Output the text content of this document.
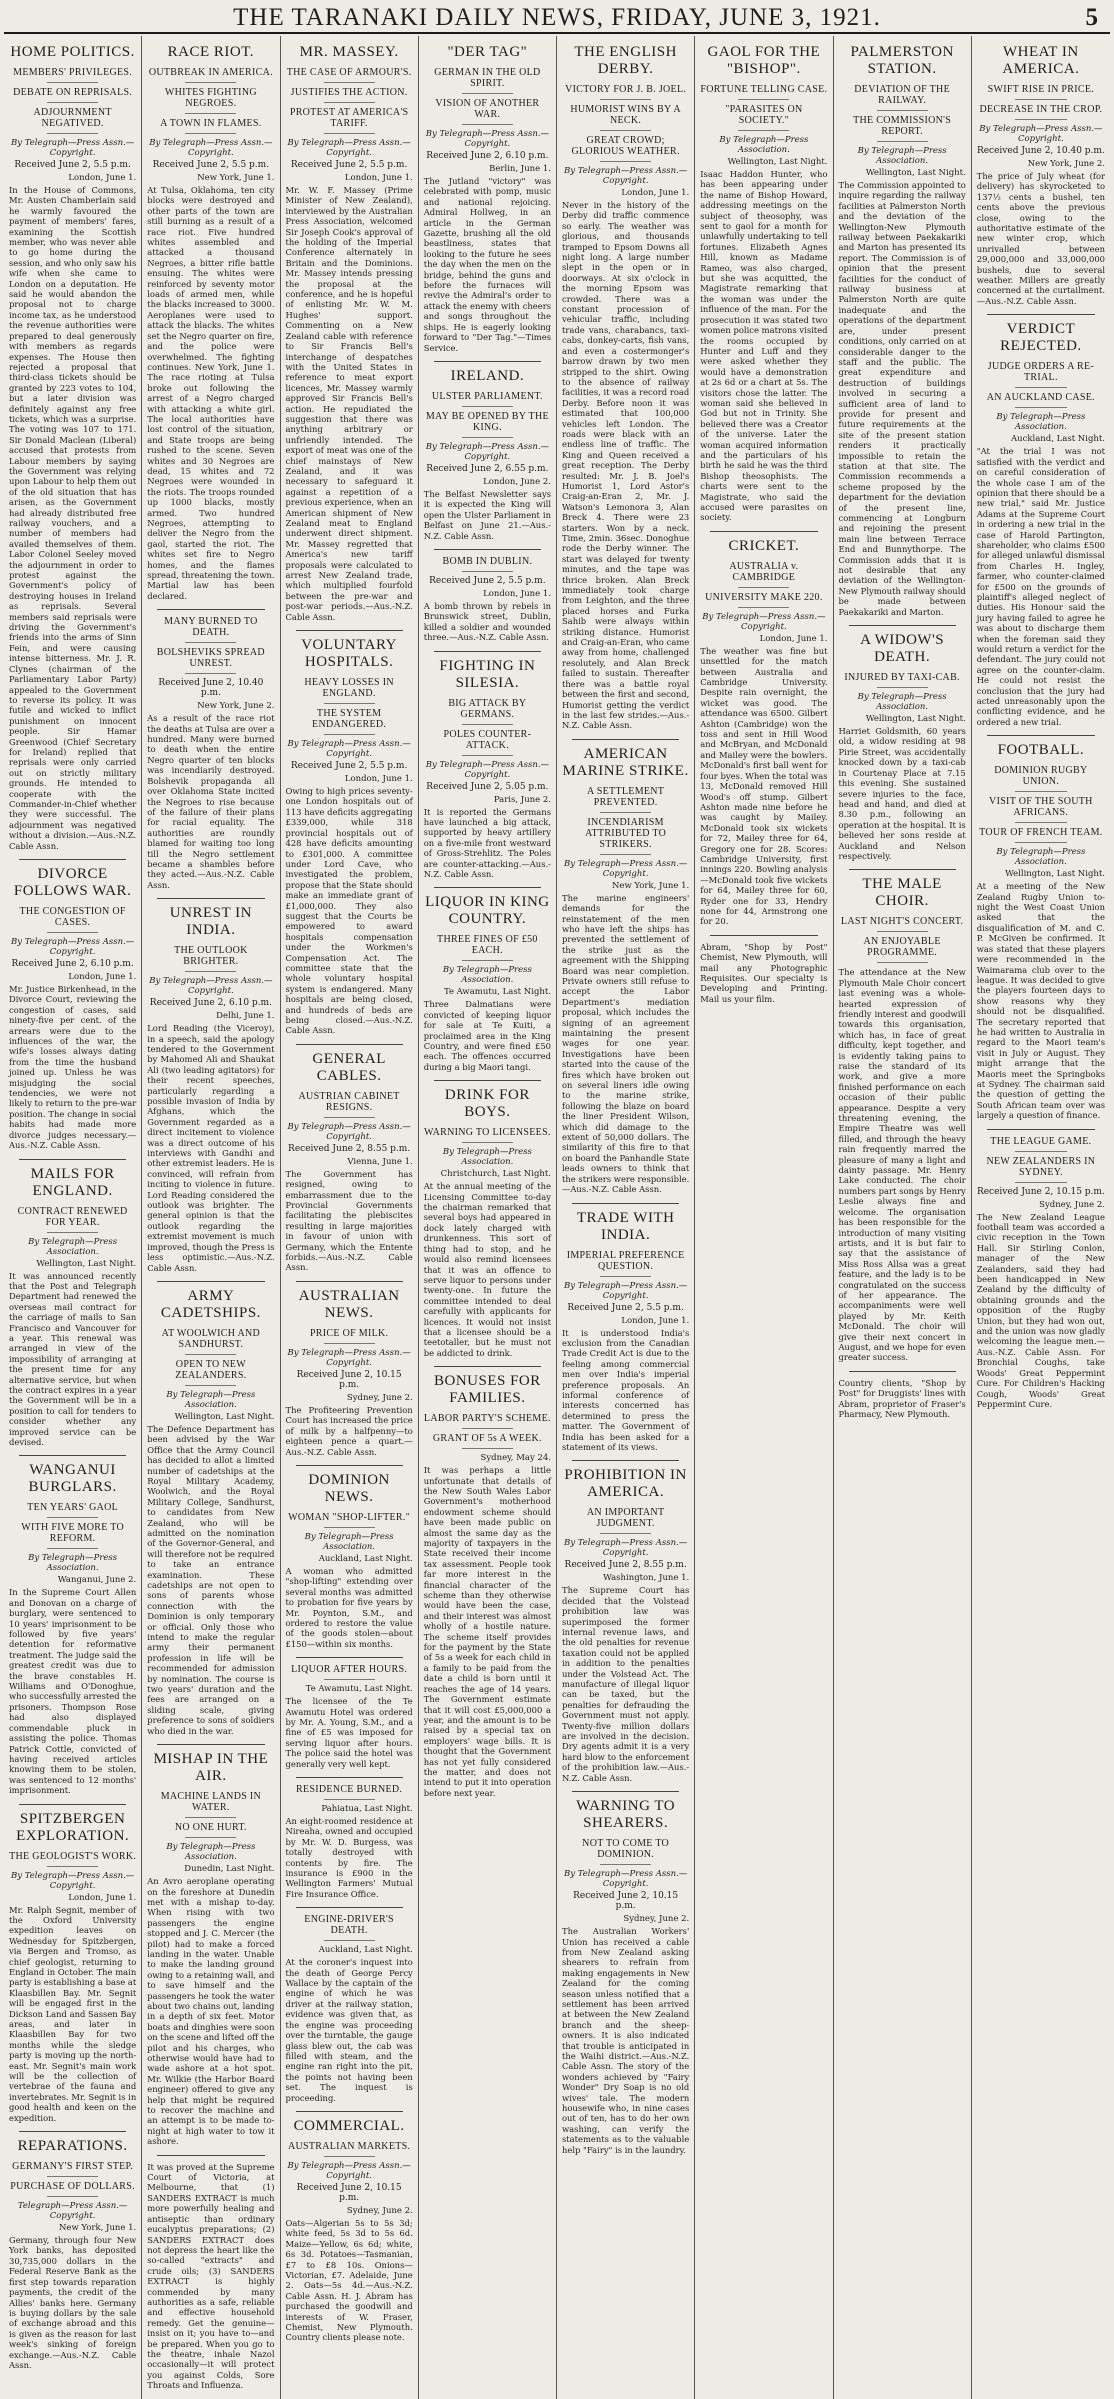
THE TARANAKI DAILY NEWS, FRIDAY, JUNE 3, 1921.	5
HOME POLITICS.
MEMBERS' PRIVILEGES.
DEBATE ON REPRISALS.
ADJOURNMENT NEGATIVED.
By Telegraph—Press Assn.—Copyright.
Received June 2, 5.5 p.m.
London, June 1.

In the House of Commons, Mr. Austen Chamberlain said he warmly favoured the payment of members' fares, examining the Scottish member, who was never able to go home during the session, and who only saw his wife when she came to London on a deputation. He said he would abandon the proposal not to charge income tax, as he understood the revenue authorities were prepared to deal generously with members as regards expenses. The House then rejected a proposal that third-class tickets should be granted by 223 votes to 104, but a later division was definitely against any free tickets, which was a surprise. The voting was 107 to 171. Sir Donald Maclean (Liberal) accused that protests from Labour members by saying the Government was relying upon Labour to help them out of the old situation that has arisen, as the Government had already distributed free railway vouchers, and a number of members had availed themselves of them. Labor Colonel Seeley moved the adjournment in order to protest against the Government's policy of destroying houses in Ireland as reprisals. Several members said reprisals were driving the Government's friends into the arms of Sinn Fein, and were causing intense bitterness. Mr. J. R. Clynes (chairman of the Parliamentary Labor Party) appealed to the Government to reverse its policy. It was futile and wicked to inflict punishment on innocent people. Sir Hamar Greenwood (Chief Secretary for Ireland) replied that reprisals were only carried out on strictly military grounds. He intended to cooperate with the Commander-in-Chief whether they were successful. The adjournment was negatived without a division.—Aus.-N.Z. Cable Assn.

DIVORCE FOLLOWS WAR.
THE CONGESTION OF CASES.
By Telegraph—Press Assn.—Copyright.
Received June 2, 6.10 p.m.
London, June 1.

Mr. Justice Birkenhead, in the Divorce Court, reviewing the congestion of cases, said ninety-five per cent. of the arrears were due to the influences of the war, the wife's losses always dating from the time the husband joined up. Unless he was misjudging the social tendencies, we were not likely to return to the pre-war position. The change in social habits had made more divorce judges necessary.—Aus.-N.Z. Cable Assn.

MAILS FOR ENGLAND.
CONTRACT RENEWED FOR YEAR.
By Telegraph—Press Association.
Wellington, Last Night.

It was announced recently that the Post and Telegraph Department had renewed the overseas mail contract for the carriage of mails to San Francisco and Vancouver for a year. This renewal was arranged in view of the impossibility of arranging at the present time for any alternative service, but when the contract expires in a year the Government will be in a position to call for tenders to consider whether any improved service can be devised.

WANGANUI BURGLARS.
TEN YEARS' GAOL
WITH FIVE MORE TO REFORM.
By Telegraph—Press Association.
Wanganui, June 2.

In the Supreme Court Allen and Donovan on a charge of burglary, were sentenced to 10 years' imprisonment to be followed by five years' detention for reformative treatment. The judge said the greatest credit was due to the brave constables H. Williams and O'Donoghue, who successfully arrested the prisoners. Thompson Rose had also displayed commendable pluck in assisting the police. Thomas Patrick Cottle, convicted of having received articles knowing them to be stolen, was sentenced to 12 months' imprisonment.

SPITZBERGEN EXPLORATION.
THE GEOLOGIST'S WORK.
By Telegraph—Press Assn.—Copyright.
London, June 1.

Mr. Ralph Segnit, member of the Oxford University expedition leaves on Wednesday for Spitzbergen, via Bergen and Tromso, as chief geologist, returning to England in October. The main party is establishing a base at Klaasbillen Bay. Mr. Segnit will be engaged first in the Dickson Land and Sassen Bay areas, and later in Klaasbillen Bay for two months while the sledge party is moving up the north-east. Mr. Segnit's main work will be the collection of vertebrae of the fauna and invertebrates. Mr. Segnit is in good health and keen on the expedition.

REPARATIONS.
GERMANY'S FIRST STEP.
PURCHASE OF DOLLARS.
Telegraph—Press Assn.—Copyright.
New York, June 1.

Germany, through four New York banks, has deposited 30,735,000 dollars in the Federal Reserve Bank as the first step towards reparation payments, the credit of the Allies' banks here. Germany is buying dollars by the sale of exchange abroad and this is given as the reason for last week's sinking of foreign exchange.—Aus.-N.Z. Cable Assn.

RACE RIOT.
OUTBREAK IN AMERICA.
WHITES FIGHTING NEGROES.
A TOWN IN FLAMES.
By Telegraph—Press Assn.—Copyright.
Received June 2, 5.5 p.m.
New York, June 1.

At Tulsa, Oklahoma, ten city blocks were destroyed and other parts of the town are still burning as a result of a race riot. Five hundred whites assembled and attacked a thousand Negroes, a bitter rifle battle ensuing. The whites were reinforced by seventy motor loads of armed men, while the blacks increased to 3000. Aeroplanes were used to attack the blacks. The whites set the Negro quarter on fire, and the police were overwhelmed. The fighting continues. New York, June 1. The race rioting at Tulsa broke out following the arrest of a Negro charged with attacking a white girl. The local authorities have lost control of the situation, and State troops are being rushed to the scene. Seven whites and 30 Negroes are dead, 15 whites and 72 Negroes were wounded in the riots. The troops rounded up 1000 blacks, mostly armed. Two hundred Negroes, attempting to deliver the Negro from the gaol, started the riot. The whites set fire to Negro homes, and the flames spread, threatening the town. Martial law has been declared.

MANY BURNED TO DEATH.
BOLSHEVIKS SPREAD UNREST.
Received June 2, 10.40 p.m.
New York, June 2.

As a result of the race riot the deaths at Tulsa are over a hundred. Many were burned to death when the entire Negro quarter of ten blocks was incendiarily destroyed. Bolshevik propaganda all over Oklahoma State incited the Negroes to rise because of the failure of their plans for racial equality. The authorities are roundly blamed for waiting too long till the Negro settlement became a shambles before they acted.—Aus.-N.Z. Cable Assn.

UNREST IN INDIA.
THE OUTLOOK BRIGHTER.
By Telegraph—Press Assn.—Copyright.
Received June 2, 6.10 p.m.
Delhi, June 1.

Lord Reading (the Viceroy), in a speech, said the apology tendered to the Government by Mahomed Ali and Shaukat Ali (two leading agitators) for their recent speeches, particularly regarding a possible invasion of India by Afghans, which the Government regarded as a direct incitement to violence was a direct outcome of his interviews with Gandhi and other extremist leaders. He is convinced, will refrain from inciting to violence in future. Lord Reading considered the outlook was brighter. The general opinion is that the outlook regarding the extremist movement is much improved, though the Press is less optimistic.—Aus.-N.Z. Cable Assn.

ARMY CADETSHIPS.
AT WOOLWICH AND SANDHURST.
OPEN TO NEW ZEALANDERS.
By Telegraph—Press Association.
Wellington, Last Night.

The Defence Department has been advised by the War Office that the Army Council has decided to allot a limited number of cadetships at the Royal Military Academy, Woolwich, and the Royal Military College, Sandhurst, to candidates from New Zealand, who will be admitted on the nomination of the Governor-General, and will therefore not be required to take an entrance examination. These cadetships are not open to sons of parents whose connection with the Dominion is only temporary or official. Only those who intend to make the regular army their permanent profession in life will be recommended for admission by nomination. The course is two years' duration and the fees are arranged on a sliding scale, giving preference to sons of soldiers who died in the war.

MISHAP IN THE AIR.
MACHINE LANDS IN WATER.
NO ONE HURT.
By Telegraph—Press Association.
Dunedin, Last Night.

An Avro aeroplane operating on the foreshore at Dunedin met with a mishap to-day. When rising with two passengers the engine stopped and J. C. Mercer (the pilot) had to make a forced landing in the water. Unable to make the landing ground owing to a retaining wall, and to save himself and the passengers he took the water about two chains out, landing in a depth of six feet. Motor boats and dinghies were soon on the scene and lifted off the pilot and his charges, who otherwise would have had to wade ashore at a hot spot. Mr. Wilkie (the Harbor Board engineer) offered to give any help that might be required to recover the machine and an attempt is to be made to-night at high water to tow it ashore.

It was proved at the Supreme Court of Victoria, at Melbourne, that (1) SANDERS EXTRACT is much more powerfully healing and antiseptic than ordinary eucalyptus preparations; (2) SANDERS EXTRACT does not depress the heart like the so-called "extracts" and crude oils; (3) SANDERS EXTRACT is highly commended by many authorities as a safe, reliable and effective household remedy. Get the genuine—insist on it; you have to—and be prepared. When you go to the theatre, inhale Nazol occasionally—it will protect you against Colds, Sore Throats and Influenza.

MR. MASSEY.
THE CASE OF ARMOUR'S.
JUSTIFIES THE ACTION.
PROTEST AT AMERICA'S TARIFF.
By Telegraph—Press Assn.—Copyright.
Received June 2, 5.5 p.m.
London, June 1.

Mr. W. F. Massey (Prime Minister of New Zealand), interviewed by the Australian Press Association, welcomed Sir Joseph Cook's approval of the holding of the Imperial Conference alternately in Britain and the Dominions. Mr. Massey intends pressing the proposal at the conference, and he is hopeful of enlisting Mr. W. M. Hughes' support. Commenting on a New Zealand cable with reference to Sir Francis Bell's interchange of despatches with the United States in reference to meat export licences, Mr. Massey warmly approved Sir Francis Bell's action. He repudiated the suggestion that there was anything arbitrary or unfriendly intended. The export of meat was one of the chief mainstays of New Zealand, and it was necessary to safeguard it against a repetition of a previous experience, when an American shipment of New Zealand meat to England underwent direct shipment. Mr. Massey regretted that America's new tariff proposals were calculated to arrest New Zealand trade, which multiplied fourfold between the pre-war and post-war periods.—Aus.-N.Z. Cable Assn.

VOLUNTARY HOSPITALS.
HEAVY LOSSES IN ENGLAND.
THE SYSTEM ENDANGERED.
By Telegraph—Press Assn.—Copyright.
Received June 2, 5.5 p.m.
London, June 1.

Owing to high prices seventy-one London hospitals out of 113 have deficits aggregating £339,000, while 318 provincial hospitals out of 428 have deficits amounting to £301,000. A committee under Lord Cave, who investigated the problem, propose that the State should make an immediate grant of £1,000,000. They also suggest that the Courts be empowered to award hospitals compensation under the Workmen's Compensation Act. The committee state that the whole voluntary hospital system is endangered. Many hospitals are being closed, and hundreds of beds are being closed.—Aus.-N.Z. Cable Assn.

GENERAL CABLES.
AUSTRIAN CABINET RESIGNS.
By Telegraph—Press Assn.—Copyright.
Received June 2, 8.55 p.m.
Vienna, June 1.

The Government has resigned, owing to embarrassment due to the Provincial Governments facilitating the plebiscites resulting in large majorities in favour of union with Germany, which the Entente forbids.—Aus.-N.Z. Cable Assn.

AUSTRALIAN NEWS.
PRICE OF MILK.
By Telegraph—Press Assn.—Copyright.
Received June 2, 10.15 p.m.
Sydney, June 2.

The Profiteering Prevention Court has increased the price of milk by a halfpenny—to eighteen pence a quart.—Aus.-N.Z. Cable Assn.

DOMINION NEWS.
WOMAN "SHOP-LIFTER."
By Telegraph—Press Association.
Auckland, Last Night.

A woman who admitted "shop-lifting" extending over several months was admitted to probation for five years by Mr. Poynton, S.M., and ordered to restore the value of the goods stolen—about £150—within six months.

LIQUOR AFTER HOURS.
Te Awamutu, Last Night.

The licensee of the Te Awamutu Hotel was ordered by Mr. A. Young, S.M., and a fine of £5 was imposed for serving liquor after hours. The police said the hotel was generally very well kept.

RESIDENCE BURNED.
Pahiatua, Last Night.

An eight-roomed residence at Nireaha, owned and occupied by Mr. W. D. Burgess, was totally destroyed with contents by fire. The insurance is £900 in the Wellington Farmers' Mutual Fire Insurance Office.

ENGINE-DRIVER'S DEATH.
Auckland, Last Night.

At the coroner's inquest into the death of George Percy Wallace by the captain of the engine of which he was driver at the railway station, evidence was given that, as the engine was proceeding over the turntable, the gauge glass blew out, the cab was filled with steam, and the engine ran right into the pit, the points not having been set. The inquest is proceeding.

COMMERCIAL.
AUSTRALIAN MARKETS.
By Telegraph—Press Assn.—Copyright.
Received June 2, 10.15 p.m.
Sydney, June 2.

Oats—Algerian 5s to 5s 3d; white feed, 5s 3d to 5s 6d. Maize—Yellow, 6s 6d; white, 6s 3d. Potatoes—Tasmanian, £7 to £8 10s. Onions—Victorian, £7. Adelaide, June 2. Oats—5s 4d.—Aus.-N.Z. Cable Assn. H. J. Abram has purchased the goodwill and interests of W. Fraser, Chemist, New Plymouth. Country clients please note.

"DER TAG"
GERMAN IN THE OLD SPIRIT.
VISION OF ANOTHER WAR.
By Telegraph—Press Assn.—Copyright.
Received June 2, 6.10 p.m.
Berlin, June 1.

The Jutland "victory" was celebrated with pomp, music and national rejoicing. Admiral Hollweg, in an article in the German Gazette, brushing all the old beastliness, states that looking to the future he sees the day when the men on the bridge, behind the guns and before the furnaces will revive the Admiral's order to attack the enemy with cheers and songs throughout the ships. He is eagerly looking forward to "Der Tag."—Times Service.

IRELAND.
ULSTER PARLIAMENT.
MAY BE OPENED BY THE KING.
By Telegraph—Press Assn.—Copyright.
Received June 2, 6.55 p.m.
London, June 2.

The Belfast Newsletter says it is expected the King will open the Ulster Parliament in Belfast on June 21.—Aus.-N.Z. Cable Assn.

BOMB IN DUBLIN.
Received June 2, 5.5 p.m.
London, June 1.

A bomb thrown by rebels in Brunswick street, Dublin, killed a soldier and wounded three.—Aus.-N.Z. Cable Assn.

FIGHTING IN SILESIA.
BIG ATTACK BY GERMANS.
POLES COUNTER-ATTACK.
By Telegraph—Press Assn.—Copyright.
Received June 2, 5.05 p.m.
Paris, June 2.

It is reported the Germans have launched a big attack, supported by heavy artillery on a five-mile front westward of Gross-Strehlitz. The Poles are counter-attacking.—Aus.-N.Z. Cable Assn.

LIQUOR IN KING COUNTRY.
THREE FINES OF £50 EACH.
By Telegraph—Press Association.
Te Awamutu, Last Night.

Three Dalmatians were convicted of keeping liquor for sale at Te Kuiti, a proclaimed area in the King Country, and were fined £50 each. The offences occurred during a big Maori tangi.

DRINK FOR BOYS.
WARNING TO LICENSEES.
By Telegraph—Press Association.
Christchurch, Last Night.

At the annual meeting of the Licensing Committee to-day the chairman remarked that several boys had appeared in dock lately charged with drunkenness. This sort of thing had to stop, and he would also remind licensees that it was an offence to serve liquor to persons under twenty-one. In future the committee intended to deal carefully with applicants for licences. It would not insist that a licensee should be a teetotaller, but he must not be addicted to drink.

BONUSES FOR FAMILIES.
LABOR PARTY'S SCHEME.
GRANT OF 5s A WEEK.
Sydney, May 24.

It was perhaps a little unfortunate that details of the New South Wales Labor Government's motherhood endowment scheme should have been made public on almost the same day as the majority of taxpayers in the State received their income tax assessment. People took far more interest in the financial character of the scheme than they otherwise would have been the case, and their interest was almost wholly of a hostile nature. The scheme itself provides for the payment by the State of 5s a week for each child in a family to be paid from the date a child is born until it reaches the age of 14 years. The Government estimate that it will cost £5,000,000 a year, and the amount is to be raised by a special tax on employers' wage bills. It is thought that the Government has not yet fully considered the matter, and does not intend to put it into operation before next year.

THE ENGLISH DERBY.
VICTORY FOR J. B. JOEL.
HUMORIST WINS BY A NECK.
GREAT CROWD; GLORIOUS WEATHER.
By Telegraph—Press Assn.—Copyright.
London, June 1.

Never in the history of the Derby did traffic commence so early. The weather was glorious, and thousands tramped to Epsom Downs all night long. A large number slept in the open or in doorways. At six o'clock in the morning Epsom was crowded. There was a constant procession of vehicular traffic, including trade vans, charabancs, taxi-cabs, donkey-carts, fish vans, and even a costermonger's barrow drawn by two men stripped to the shirt. Owing to the absence of railway facilities, it was a record road Derby. Before noon it was estimated that 100,000 vehicles left London. The roads were black with an endless line of traffic. The King and Queen received a great reception. The Derby resulted: Mr. J. B. Joel's Humorist 1, Lord Astor's Craig-an-Eran 2, Mr. J. Watson's Lemonora 3, Alan Breck 4. There were 23 starters. Won by a neck. Time, 2min. 36sec. Donoghue rode the Derby winner. The start was delayed for twenty minutes, and the tape was thrice broken. Alan Breck immediately took charge from Leighton, and the three placed horses and Furka Sahib were always within striking distance. Humorist and Craig-an-Eran, who came away from home, challenged resolutely, and Alan Breck failed to sustain. Thereafter there was a battle royal between the first and second, Humorist getting the verdict in the last few strides.—Aus.-N.Z. Cable Assn.

AMERICAN MARINE STRIKE.
A SETTLEMENT PREVENTED.
INCENDIARISM ATTRIBUTED TO STRIKERS.
By Telegraph—Press Assn.—Copyright.
New York, June 1.

The marine engineers' demands for the reinstatement of the men who have left the ships has prevented the settlement of the strike just as the agreement with the Shipping Board was near completion. Private owners still refuse to accept the Labor Department's mediation proposal, which includes the signing of an agreement maintaining the present wages for one year. Investigations have been started into the cause of the fires which have broken out on several liners idle owing to the marine strike, following the blaze on board the liner President Wilson, which did damage to the extent of 50,000 dollars. The similarity of this fire to that on board the Panhandle State leads owners to think that the strikers were responsible.—Aus.-N.Z. Cable Assn.

TRADE WITH INDIA.
IMPERIAL PREFERENCE QUESTION.
By Telegraph—Press Assn.—Copyright.
Received June 2, 5.5 p.m.
London, June 1.

It is understood India's exclusion from the Canadian Trade Credit Act is due to the feeling among commercial men over India's imperial preference proposals. An informal conference of interests concerned has determined to press the matter. The Government of India has been asked for a statement of its views.

PROHIBITION IN AMERICA.
AN IMPORTANT JUDGMENT.
By Telegraph—Press Assn.—Copyright.
Received June 2, 8.55 p.m.
Washington, June 1.

The Supreme Court has decided that the Volstead prohibition law was superimposed the former internal revenue laws, and the old penalties for revenue taxation could not be applied in addition to the penalties under the Volstead Act. The manufacture of illegal liquor can be taxed, but the penalties for defrauding the Government must not apply. Twenty-five million dollars are involved in the decision. Dry agents admit it is a very hard blow to the enforcement of the prohibition law.—Aus.-N.Z. Cable Assn.

WARNING TO SHEARERS.
NOT TO COME TO DOMINION.
By Telegraph—Press Assn.—Copyright.
Received June 2, 10.15 p.m.
Sydney, June 2.

The Australian Workers' Union has received a cable from New Zealand asking shearers to refrain from making engagements in New Zealand for the coming season unless notified that a settlement has been arrived at between the New Zealand branch and the sheep-owners. It is also indicated that trouble is anticipated in the Waihi district.—Aus.-N.Z. Cable Assn. The story of the wonders achieved by "Fairy Wonder" Dry Soap is no old wives' tale. The modern housewife who, in nine cases out of ten, has to do her own washing, can verify the statements as to the valuable help "Fairy" is in the laundry.

GAOL FOR THE "BISHOP".
FORTUNE TELLING CASE.
"PARASITES ON SOCIETY."
By Telegraph—Press Association.
Wellington, Last Night.

Isaac Haddon Hunter, who has been appearing under the name of Bishop Howard, addressing meetings on the subject of theosophy, was sent to gaol for a month for unlawfully undertaking to tell fortunes. Elizabeth Agnes Hill, known as Madame Rameo, was also charged, but she was acquitted, the Magistrate remarking that the woman was under the influence of the man. For the prosecution it was stated two women police matrons visited the rooms occupied by Hunter and Luff and they were asked whether they would have a demonstration at 2s 6d or a chart at 5s. The visitors chose the latter. The woman said she believed in God but not in Trinity. She believed there was a Creator of the universe. Later the woman acquired information and the particulars of his birth he said he was the third Bishop theosophists. The charts were sent to the Magistrate, who said the accused were parasites on society.

CRICKET.
AUSTRALIA v. CAMBRIDGE
UNIVERSITY MAKE 220.
By Telegraph—Press Assn.—Copyright.
London, June 1.

The weather was fine but unsettled for the match between Australia and Cambridge University. Despite rain overnight, the wicket was good. The attendance was 6500. Gilbert Ashton (Cambridge) won the toss and sent in Hill Wood and McBryan, and McDonald and Mailey were the bowlers. McDonald's first ball went for four byes. When the total was 13, McDonald removed Hill Wood's off stump. Gilbert Ashton made nine before he was caught by Mailey. McDonald took six wickets for 72, Mailey three for 64, Gregory one for 28. Scores: Cambridge University, first innings 220. Bowling analysis—McDonald took five wickets for 64, Mailey three for 60, Ryder one for 33, Hendry none for 44, Armstrong one for 20.

Abram, "Shop by Post" Chemist, New Plymouth, will mail any Photographic Requisites. Our specialty is Developing and Printing. Mail us your film.

PALMERSTON STATION.
DEVIATION OF THE RAILWAY.
THE COMMISSION'S REPORT.
By Telegraph—Press Association.
Wellington, Last Night.

The Commission appointed to inquire regarding the railway facilities at Palmerston North and the deviation of the Wellington-New Plymouth railway between Paekakariki and Marton has presented its report. The Commission is of opinion that the present facilities for the conduct of railway business at Palmerston North are quite inadequate and the operations of the department are, under present conditions, only carried on at considerable danger to the staff and the public. The great expenditure and destruction of buildings involved in securing a sufficient area of land to provide for present and future requirements at the site of the present station renders it practically impossible to retain the station at that site. The Commission recommends a scheme proposed by the department for the deviation of the present line, commencing at Longburn and rejoining the present main line between Terrace End and Bunnythorpe. The Commission adds that it is not desirable that any deviation of the Wellington-New Plymouth railway should be made between Paekakariki and Marton.

A WIDOW'S DEATH.
INJURED BY TAXI-CAB.
By Telegraph—Press Association.
Wellington, Last Night.

Harriet Goldsmith, 60 years old, a widow residing at 98 Pirie Street, was accidentally knocked down by a taxi-cab in Courtenay Place at 7.15 this evening. She sustained severe injuries to the face, head and hand, and died at 8.30 p.m., following an operation at the hospital. It is believed her sons reside at Auckland and Nelson respectively.

THE MALE CHOIR.
LAST NIGHT'S CONCERT.
AN ENJOYABLE PROGRAMME.

The attendance at the New Plymouth Male Choir concert last evening was a whole-hearted expression of friendly interest and goodwill towards this organisation, which has, in face of great difficulty, kept together, and is evidently taking pains to raise the standard of its work, and give a more finished performance on each occasion of their public appearance. Despite a very threatening evening, the Empire Theatre was well filled, and through the heavy rain frequently marred the pleasure of many a light and dainty passage. Mr. Henry Lake conducted. The choir numbers part songs by Henry Leslie always fine and welcome. The organisation has been responsible for the introduction of many visiting artists, and it is but fair to say that the assistance of Miss Ross Allsa was a great feature, and the lady is to be congratulated on the success of her appearance. The accompaniments were well played by Mr. Keith McDonald. The choir will give their next concert in August, and we hope for even greater success.

Country clients, "Shop by Post" for Druggists' lines with Abram, proprietor of Fraser's Pharmacy, New Plymouth.

WHEAT IN AMERICA.
SWIFT RISE IN PRICE.
DECREASE IN THE CROP.
By Telegraph—Press Assn.—Copyright.
Received June 2, 10.40 p.m.
New York, June 2.

The price of July wheat (for delivery) has skyrocketed to 137½ cents a bushel, ten cents above the previous close, owing to the authoritative estimate of the new winter crop, which unrivalled between 29,000,000 and 33,000,000 bushels, due to several weather. Millers are greatly concerned at the curtailment.—Aus.-N.Z. Cable Assn.

VERDICT REJECTED.
JUDGE ORDERS A RE-TRIAL.
AN AUCKLAND CASE.
By Telegraph—Press Association.
Auckland, Last Night.

"At the trial I was not satisfied with the verdict and on careful consideration of the whole case I am of the opinion that there should be a new trial," said Mr. Justice Adams at the Supreme Court in ordering a new trial in the case of Harold Partington, shareholder, who claims £500 for alleged unlawful dismissal from Charles H. Ingley, farmer, who counter-claimed for £500 on the grounds of plaintiff's alleged neglect of duties. His Honour said the jury having failed to agree he was about to discharge them when the foreman said they would return a verdict for the defendant. The jury could not agree on the counter-claim. He could not resist the conclusion that the jury had acted unreasonably upon the conflicting evidence, and he ordered a new trial.

FOOTBALL.
DOMINION RUGBY UNION.
VISIT OF THE SOUTH AFRICANS.
TOUR OF FRENCH TEAM.
By Telegraph—Press Association.
Wellington, Last Night.

At a meeting of the New Zealand Rugby Union to-night the West Coast Union asked that the disqualification of M. and C. P. McGiven be confirmed. It was stated that these players were recommended in the Waimarama club over to the league. It was decided to give the players fourteen days to show reasons why they should not be disqualified. The secretary reported that he had written to Australia in regard to the Maori team's visit in July or August. They might arrange that the Maoris meet the Springboks at Sydney. The chairman said the question of getting the South African team over was largely a question of finance.

THE LEAGUE GAME.
NEW ZEALANDERS IN SYDNEY.
Received June 2, 10.15 p.m.
Sydney, June 2.

The New Zealand League football team was accorded a civic reception in the Town Hall. Sir Stirling Conlon, manager of the New Zealanders, said they had been handicapped in New Zealand by the difficulty of obtaining grounds and the opposition of the Rugby Union, but they had won out, and the union was now gladly welcoming the league men.—Aus.-N.Z. Cable Assn. For Bronchial Coughs, take Woods' Great Peppermint Cure. For Children's Hacking Cough, Woods' Great Peppermint Cure.
